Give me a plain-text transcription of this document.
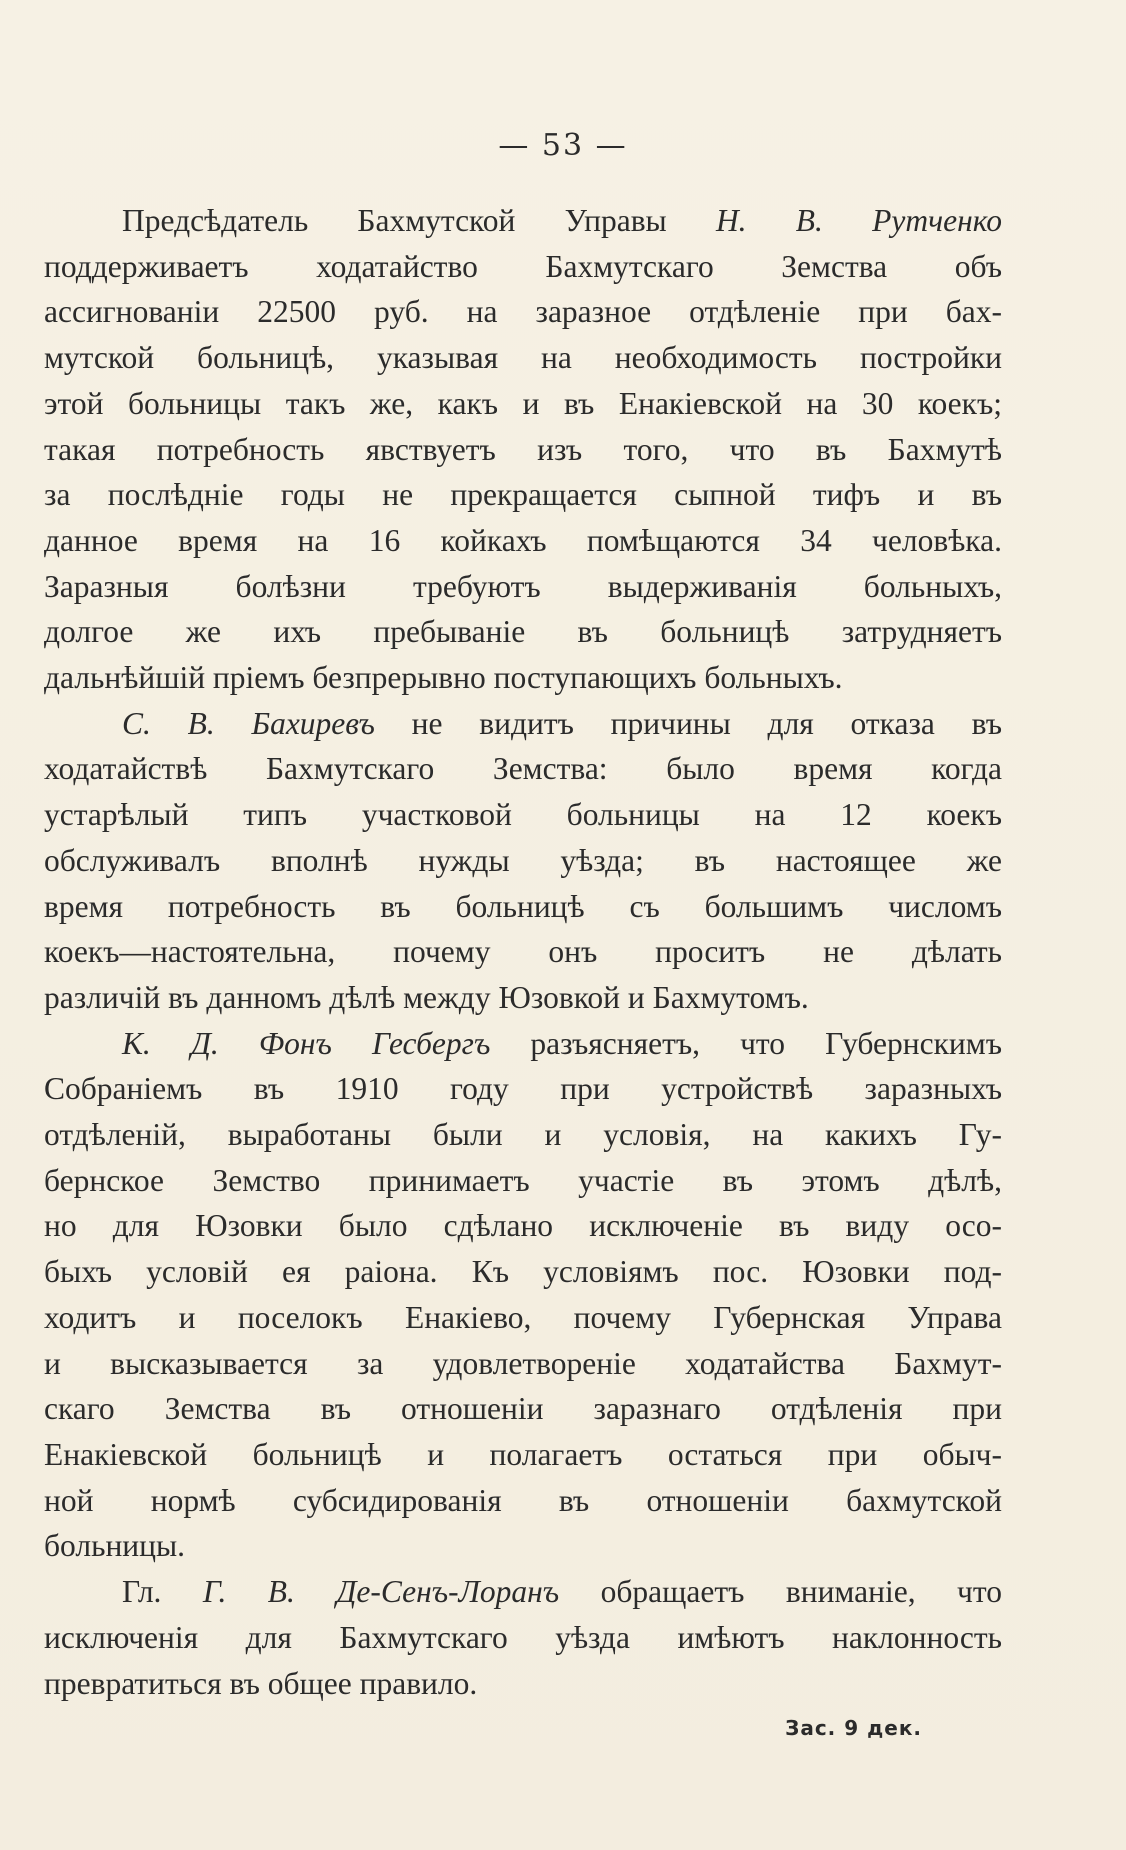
— 53 —
Предсѣдатель Бахмутской Управы Н. В. Рутченко
поддерживаетъ ходатайство Бахмутскаго Земства объ
ассигнованіи 22500 руб. на заразное отдѣленіе при бах-
мутской больницѣ, указывая на необходимость постройки
этой больницы такъ же, какъ и въ Енакіевской на 30 коекъ;
такая потребность явствуетъ изъ того, что въ Бахмутѣ
за послѣдніе годы не прекращается сыпной тифъ и въ
данное время на 16 койкахъ помѣщаются 34 человѣка.
Заразныя болѣзни требуютъ выдерживанія больныхъ,
долгое же ихъ пребываніе въ больницѣ затрудняетъ
дальнѣйшій пріемъ безпрерывно поступающихъ больныхъ.
С. В. Бахиревъ не видитъ причины для отказа въ
ходатайствѣ Бахмутскаго Земства: было время когда
устарѣлый типъ участковой больницы на 12 коекъ
обслуживалъ вполнѣ нужды уѣзда; въ настоящее же
время потребность въ больницѣ съ большимъ числомъ
коекъ—настоятельна, почему онъ проситъ не дѣлать
различій въ данномъ дѣлѣ между Юзовкой и Бахмутомъ.
К. Д. Фонъ Гесбергъ разъясняетъ, что Губернскимъ
Собраніемъ въ 1910 году при устройствѣ заразныхъ
отдѣленій, выработаны были и условія, на какихъ Гу-
бернское Земство принимаетъ участіе въ этомъ дѣлѣ,
но для Юзовки было сдѣлано исключеніе въ виду осо-
быхъ условій ея раіона. Къ условіямъ пос. Юзовки под-
ходитъ и поселокъ Енакіево, почему Губернская Управа
и высказывается за удовлетвореніе ходатайства Бахмут-
скаго Земства въ отношеніи заразнаго отдѣленія при
Енакіевской больницѣ и полагаетъ остаться при обыч-
ной нормѣ субсидированія въ отношеніи бахмутской
больницы.
Гл. Г. В. Де-Сенъ-Лоранъ обращаетъ вниманіе, что
исключенія для Бахмутскаго уѣзда имѣютъ наклонность
превратиться въ общее правило.
Зас. 9 дек.
